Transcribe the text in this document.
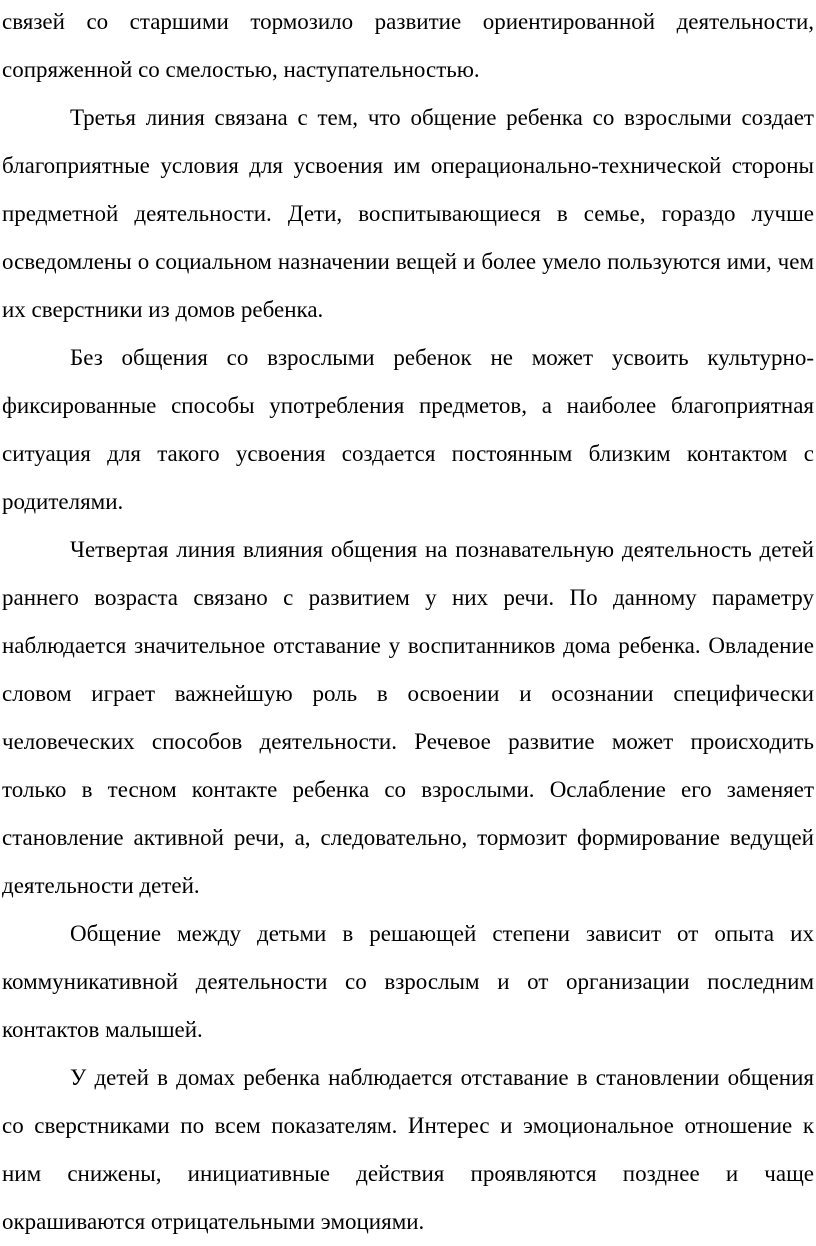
связей со старшими тормозило развитие ориентированной деятельности, сопряженной со смелостью, наступательностью.

Третья линия связана с тем, что общение ребенка со взрослыми создает благоприятные условия для усвоения им операционально-технической стороны предметной деятельности. Дети, воспитывающиеся в семье, гораздо лучше осведомлены о социальном назначении вещей и более умело пользуются ими, чем их сверстники из домов ребенка.

Без общения со взрослыми ребенок не может усвоить культурно-фиксированные способы употребления предметов, а наиболее благоприятная ситуация для такого усвоения создается постоянным близким контактом с родителями.

Четвертая линия влияния общения на познавательную деятельность детей раннего возраста связано с развитием у них речи. По данному параметру наблюдается значительное отставание у воспитанников дома ребенка. Овладение словом играет важнейшую роль в освоении и осознании специфически человеческих способов деятельности. Речевое развитие может происходить только в тесном контакте ребенка со взрослыми. Ослабление его заменяет становление активной речи, а, следовательно, тормозит формирование ведущей деятельности детей.

Общение между детьми в решающей степени зависит от опыта их коммуникативной деятельности со взрослым и от организации последним контактов малышей.

У детей в домах ребенка наблюдается отставание в становлении общения со сверстниками по всем показателям. Интерес и эмоциональное отношение к ним снижены, инициативные действия проявляются позднее и чаще окрашиваются отрицательными эмоциями.
